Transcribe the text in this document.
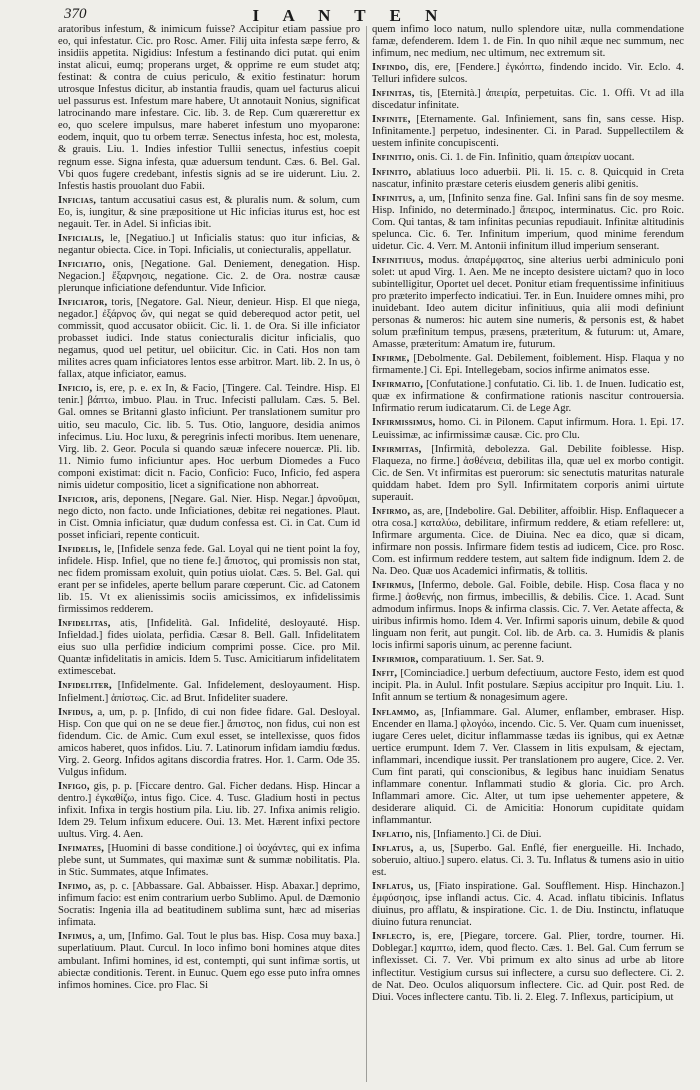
370	I A N T E N

aratoribus infestum, & inimicum fuisse? Accipitur etiam passiue pro eo, qui infestatur. Cic. pro Rosc. Amer. Filij uita infesta sæpe ferro, & insidiis appetita. Nigidius: Infestum a festinando dici putat. qui enim instat alicui, eumq; properans urget, & opprime re eum studet atq; festinat: & contra de cuius periculo, & exitio festinatur: horum utrosque Infestus dicitur, ab instantia fraudis, quam uel facturus alicui uel passurus est. Infestum mare habere, Ut annotauit Nonius, significat latrocinando mare infestare. Cic. lib. 3. de Rep. Cum quærerettur ex eo, quo scelere impulsus, mare haberet infestum uno myoparone: eodem, inquit, quo tu orbem terræ. Senectus infesta, hoc est, molesta, & grauis. Liu. 1. Indies infestior Tullii senectus, infestius coepit regnum esse. Signa infesta, quæ aduersum tendunt. Cæs. 6. Bel. Gal. Vbi quos fugere credebant, infestis signis ad se ire uiderunt. Liu. 2. Infestis hastis prouolant duo Fabii.

Inficias, tantum accusatiui casus est, & pluralis num. & solum, cum Eo, is, iungitur, & sine præpositione ut Hic inficias iturus est, hoc est negauit. Ter. in Adel. Si inficias ibit.

Inficialis, le, [Negatiuo.] ut Inficialis status: quo itur inficias, & negantur obiecta. Cice. in Topi. Inficialis, ut coniecturalis, appellatur.

Inficiatio, onis, [Negatione. Gal. Deniement, denegation. Hisp. Negacion.] ἔξαρνησις, negatione. Cic. 2. de Ora. nostræ causæ plerunque inficiatione defenduntur. Vide Inficior.

Inficiator, toris, [Negatore. Gal. Nieur, denieur. Hisp. El que niega, negador.] ἐξάρνος ὤν, qui negat se quid deberequod actor petit, uel commissit, quod accusator obiicit. Cic. li. 1. de Ora. Si ille inficiator probasset iudici. Inde status coniecturalis dicitur inficialis, quo negamus, quod uel petitur, uel obiicitur. Cic. in Cati. Hos non tam milites acres quam inficiatores lentos esse arbitror. Mart. lib. 2. In us, ò fallax, atque inficiator, eamus.

Inficio, is, ere, p. e. ex In, & Facio, [Tingere. Cal. Teindre. Hisp. El tenir.] βάπτω, imbuo. Plau. in Truc. Infecisti pallulam. Cæs. 5. Bel. Gal. omnes se Britanni glasto inficiunt. Per translationem sumitur pro uitio, seu maculo, Cic. lib. 5. Tus. Otio, languore, desidia animos infecimus. Liu. Hoc luxu, & peregrinis infecti moribus. Item uenenare, Virg. lib. 2. Geor. Pocula si quando sæuæ infecere nouercæ. Pli. lib. 11. Nimio fumo inficiuntur apes. Hoc uerbum Diomedes a Fuco componi existimat: dicit n. Facio, Conficio: Fuco, Inficio, fed aspera nimis uidetur compositio, licet a significatione non abhorreat.

Inficior, aris, deponens, [Negare. Gal. Nier. Hisp. Negar.] ἀρνοῦμαι, nego dicto, non facto. unde Inficiationes, debitæ rei negationes. Plaut. in Cist. Omnia inficiatur, quæ dudum confessa est. Ci. in Cat. Cum id posset inficiari, repente conticuit.

Infidelis, le, [Infidele senza fede. Gal. Loyal qui ne tient point la foy, infidele. Hisp. Infiel, que no tiene fe.] ἄπιστος, qui promissis non stat, nec fidem promissam exoluit, quin potius uiolat. Cæs. 5. Bel. Gal. qui erant per se infideles, aperte bellum parare cœperunt. Cic. ad Catonem lib. 15. Vt ex alienissimis sociis amicissimos, ex infidelissimis firmissimos redderem.

Infidelitas, atis, [Infidelità. Gal. Infidelité, desloyauté. Hisp. Infieldad.] fides uiolata, perfidia. Cæsar 8. Bell. Gall. Infidelitatem eius suo ulla perfidiœ indicium comprimi posse. Cice. pro Mil. Quantæ infidelitatis in amicis. Idem 5. Tusc. Amicitiarum infidelitatem extimescebat.

Infideliter, [Infidelmente. Gal. Infidelement, desloyaument. Hisp. Infielment.] ἀπίστως. Cic. ad Brut. Infideliter suadere.

Infidus, a, um, p. p. [Infido, di cui non fidee fidare. Gal. Desloyal. Hisp. Con que qui on ne se deue fier.] ἄπιστος, non fidus, cui non est fidendum. Cic. de Amic. Cum exul esset, se intellexisse, quos fidos amicos haberet, quos infidos. Liu. 7. Latinorum infidam iamdiu fœdus. Virg. 2. Georg. Infidos agitans discordia fratres. Hor. 1. Carm. Ode 35. Vulgus infidum.

Infigo, gis, p. p. [Ficcare dentro. Gal. Ficher dedans. Hisp. Hincar a dentro.] ἐγκαθίζω, intus figo. Cice. 4. Tusc. Gladium hosti in pectus infixit. Infixa in tergis hostium pila. Liu. lib. 27. Infixa animis religio. Idem 29. Telum infixum educere. Oui. 13. Met. Hærent infixi pectore uultus. Virg. 4. Aen.

Infimates, [Huomini di basse conditione.] οἱ ὑσχάντες, qui ex infima plebe sunt, ut Summates, qui maximæ sunt & summæ nobilitatis. Pla. in Stic. Summates, atque Infimates.

Infimo, as, p. c. [Abbassare. Gal. Abbaisser. Hisp. Abaxar.] deprimo, infimum facio: est enim contrarium uerbo Sublimo. Apul. de Dæmonio Socratis: Ingenia illa ad beatitudinem sublima sunt, hæc ad miserias infimata.

Infimus, a, um, [Infimo. Gal. Tout le plus bas. Hisp. Cosa muy baxa.] superlatiuum. Plaut. Curcul. In loco infimo boni homines atque dites ambulant. Infimi homines, id est, contempti, qui sunt infimæ sortis, ut abiectæ conditionis. Terent. in Eunuc. Quem ego esse puto infra omnes infimos homines. Cice. pro Flac. Si

quem infimo loco natum, nullo splendore uitæ, nulla commendatione famæ, defenderem. Idem 1. de Fin. In quo nihil æque nec summum, nec infimum, nec medium, nec ultimum, nec extremum sit.

Infindo, dis, ere, [Fendere.] ἐγκόπτω, findendo incido. Vir. Eclo. 4. Telluri infidere sulcos.

Infinitas, tis, [Eternità.] ἀπειρία, perpetuitas. Cic. 1. Offi. Vt ad illa discedatur infinitate.

Infinite, [Eternamente. Gal. Infiniement, sans fin, sans cesse. Hisp. Infinitamente.] perpetuo, indesinenter. Ci. in Parad. Suppellectilem & uestem infinite concupiscenti.

Infinitio, onis. Ci. 1. de Fin. Infinitio, quam ἀπειρίαν uocant.

Infinito, ablatiuus loco aduerbii. Pli. li. 15. c. 8. Quicquid in Creta nascatur, infinito præstare ceteris eiusdem generis alibi genitis.

Infinitus, a, um, [Infinito senza fine. Gal. Infini sans fin de soy mesme. Hisp. Infinido, no determinado.] ἄπειρος, interminatus. Cic. pro Roic. Com. Qui tantas, & tam infinitas pecunias repudiauit. Infinitæ altitudinis spelunca. Cic. 6. Ter. Infinitum imperium, quod minime ferendum uidetur. Cic. 4. Verr. M. Antonii infinitum illud imperium senserant.

Infinitiuus, modus. ἀπαρέμφατος, sine alterius uerbi adminiculo poni solet: ut apud Virg. 1. Aen. Me ne incepto desistere uictam? quo in loco subintelligitur, Oportet uel decet. Ponitur etiam frequentissime infinitiuus pro præterito imperfecto indicatiui. Ter. in Eun. Inuidere omnes mihi, pro inuidebant. Ideo autem dicitur infinitiuus, quia alii modi definiunt personas & numeros: hic autem sine numeris, & personis est, & habet solum præfinitum tempus, præsens, præteritum, & futurum: ut, Amare, Amasse, præteritum: Amatum ire, futurum.

Infirme, [Debolmente. Gal. Debilement, foiblement. Hisp. Flaqua y no firmamente.] Ci. Epi. Intellegebam, socios infirme animatos esse.

Infirmatio, [Confutatione.] confutatio. Ci. lib. 1. de Inuen. Iudicatio est, quæ ex infirmatione & confirmatione rationis nascitur controuersia. Infirmatio rerum iudicatarum. Ci. de Lege Agr.

Infirmissimus, homo. Ci. in Pilonem. Caput infirmum. Hora. 1. Epi. 17. Leuissimæ, ac infirmissimæ causæ. Cic. pro Clu.

Infirmitas, [Infirmità, debolezza. Gal. Debilite foiblesse. Hisp. Flaqueza, no firme.] ἀσθένεια, debilitas illa, quæ uel ex morbo contigit. Cic. de Sen. Vt infirmitas est puerorum: sic senectutis maturitas naturale quiddam habet. Idem pro Syll. Infirmitatem corporis animi uirtute superauit.

Infirmo, as, are, [Indebolire. Gal. Debiliter, affoiblir. Hisp. Enflaquecer a otra cosa.] καταλύω, debilitare, infirmum reddere, & etiam refellere: ut, Infirmare argumenta. Cice. de Diuina. Nec ea dico, quæ si dicam, infirmare non possis. Infirmare fidem testis ad iudicem, Cice. pro Rosc. Com. est infirmum reddere testem, aut saltem fide indignum. Idem 2. de Na. Deo. Quæ uos Academici infirmatis, & tollitis.

Infirmus, [Infermo, debole. Gal. Foible, debile. Hisp. Cosa flaca y no firme.] ἀσθενής, non firmus, imbecillis, & debilis. Cice. 1. Acad. Sunt admodum infirmus. Inops & infirma classis. Cic. 7. Ver. Aetate affecta, & uiribus infirmis homo. Idem 4. Ver. Infirmi saporis uinum, debile & quod linguam non ferit, aut pungit. Col. lib. de Arb. ca. 3. Humidis & planis locis infirmi saporis uinum, ac perenne faciunt.

Infirmior, comparatiuum. 1. Ser. Sat. 9.

Infit, [Cominciadice.] uerbum defectiuum, auctore Festo, idem est quod incipit. Pla. in Aulul. Infit postulare. Sæpius accipitur pro Inquit. Liu. 1. Infit annum se tertium & nonagesimum agere.

Inflammo, as, [Infiammare. Gal. Alumer, enflamber, embraser. Hisp. Encender en llama.] φλογόω, incendo. Cic. 5. Ver. Quam cum inuenisset, iugare Ceres uelet, dicitur inflammasse tædas iis ignibus, qui ex Aetnæ uertice erumpunt. Idem 7. Ver. Classem in litis expulsam, & ejectam, inflammari, incendique iussit. Per translationem pro augere, Cice. 2. Ver. Cum fint parati, qui conscionibus, & legibus hanc inuidiam Senatus inflammare conentur. Inflammati studio & gloria. Cic. pro Arch. Inflammari amore. Cic. Alter, ut tum ipse uehementer appetere, & desiderare aliquid. Ci. de Amicitia: Honorum cupiditate quidam inflammantur.

Inflatio, nis, [Infiamento.] Ci. de Diui.

Inflatus, a, us, [Superbo. Gal. Enflé, fier energueille. Hi. Inchado, soberuio, altiuo.] supero. elatus. Ci. 3. Tu. Inflatus & tumens asio in uitio est.

Inflatus, us, [Fiato inspiratione. Gal. Soufflement. Hisp. Hinchazon.] ἐμφύσησις, ipse inflandi actus. Cic. 4. Acad. inflatu tibicinis. Inflatus diuinus, pro afflatu, & inspiratione. Cic. 1. de Diu. Instinctu, inflatuque diuino futura renunciat.

Inflecto, is, ere, [Piegare, torcere. Gal. Plier, tordre, tourner. Hi. Doblegar.] καμπτω, idem, quod flecto. Cæs. 1. Bel. Gal. Cum ferrum se inflexisset. Ci. 7. Ver. Vbi primum ex alto sinus ad urbe ab litore inflectitur. Vestigium cursus sui inflectere, a cursu suo deflectere. Ci. 2. de Nat. Deo. Oculos aliquorsum inflectere. Cic. ad Quir. post Red. de Diui. Voces inflectere cantu. Tib. li. 2. Eleg. 7. Inflexus, participium, ut
